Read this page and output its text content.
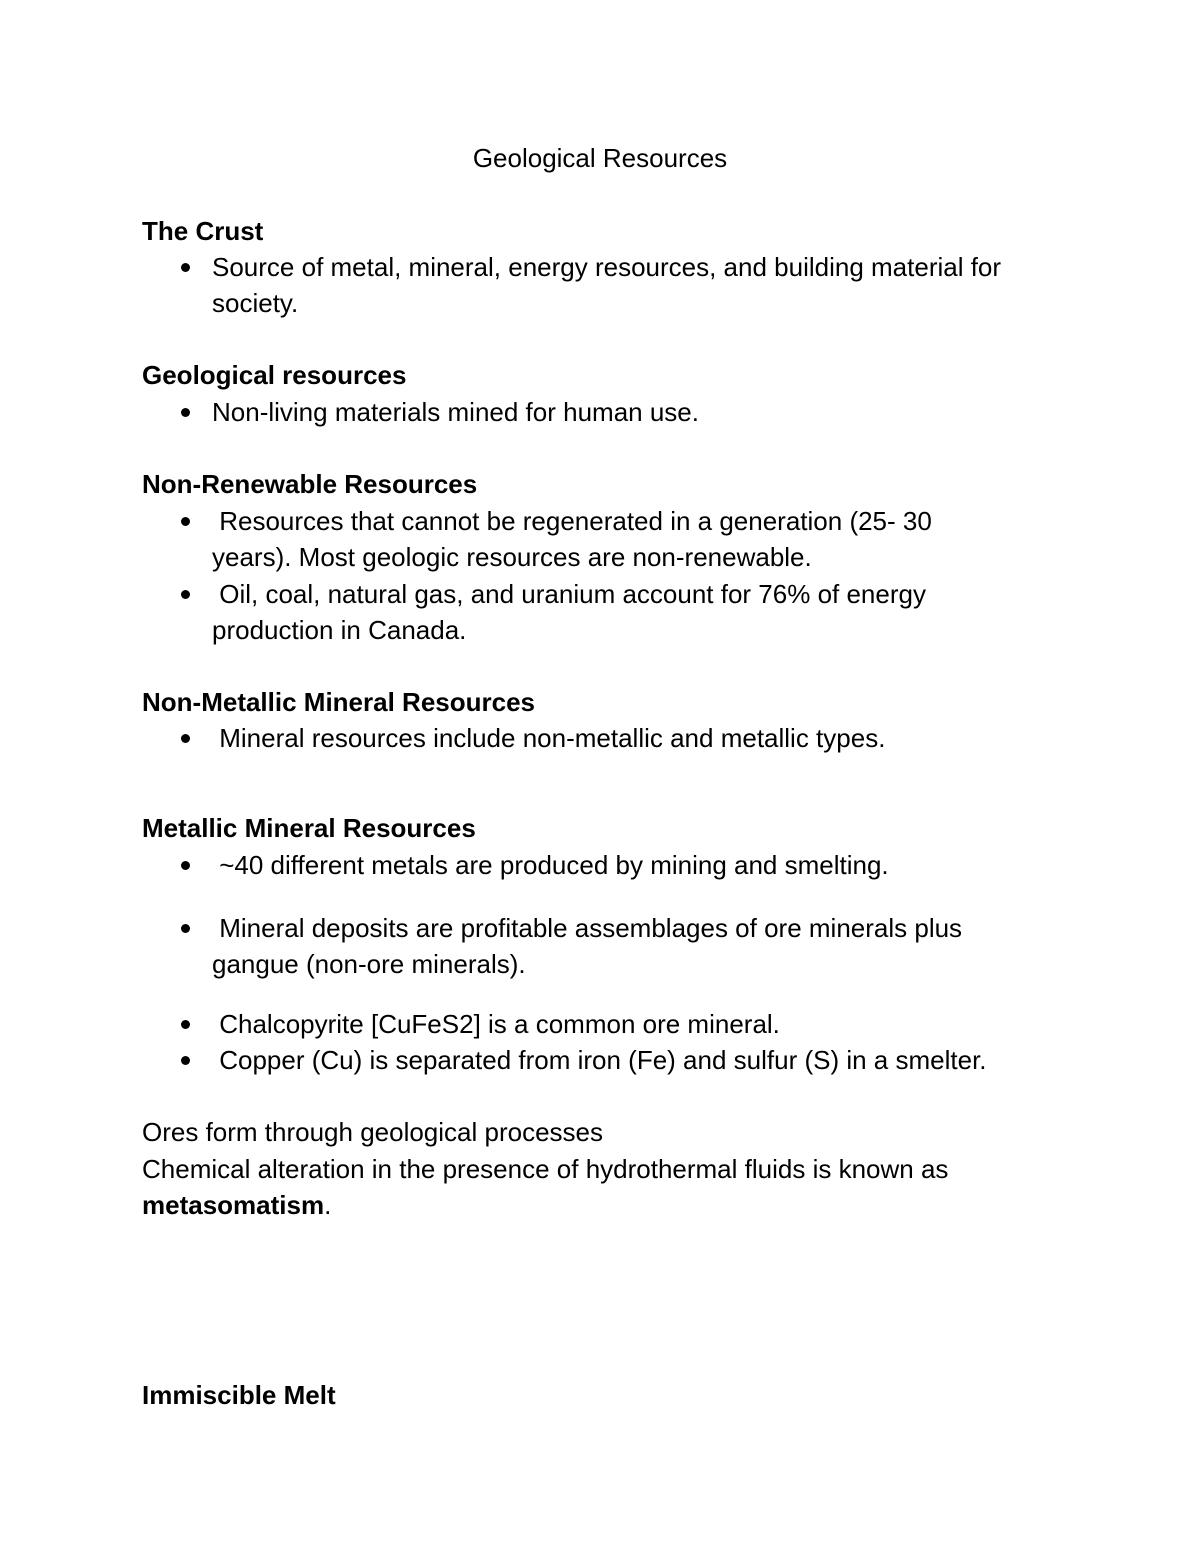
Geological Resources
The Crust
Source of metal, mineral, energy resources, and building material for society.
Geological resources
Non-living materials mined for human use.
Non-Renewable Resources
Resources that cannot be regenerated in a generation (25- 30 years). Most geologic resources are non-renewable.
Oil, coal, natural gas, and uranium account for 76% of energy production in Canada.
Non-Metallic Mineral Resources
Mineral resources include non-metallic and metallic types.
Metallic Mineral Resources
~40 different metals are produced by mining and smelting.
Mineral deposits are profitable assemblages of ore minerals plus gangue (non-ore minerals).
Chalcopyrite [CuFeS2] is a common ore mineral.
Copper (Cu) is separated from iron (Fe) and sulfur (S) in a smelter.
Ores form through geological processes
Chemical alteration in the presence of hydrothermal fluids is known as metasomatism.
Immiscible Melt
